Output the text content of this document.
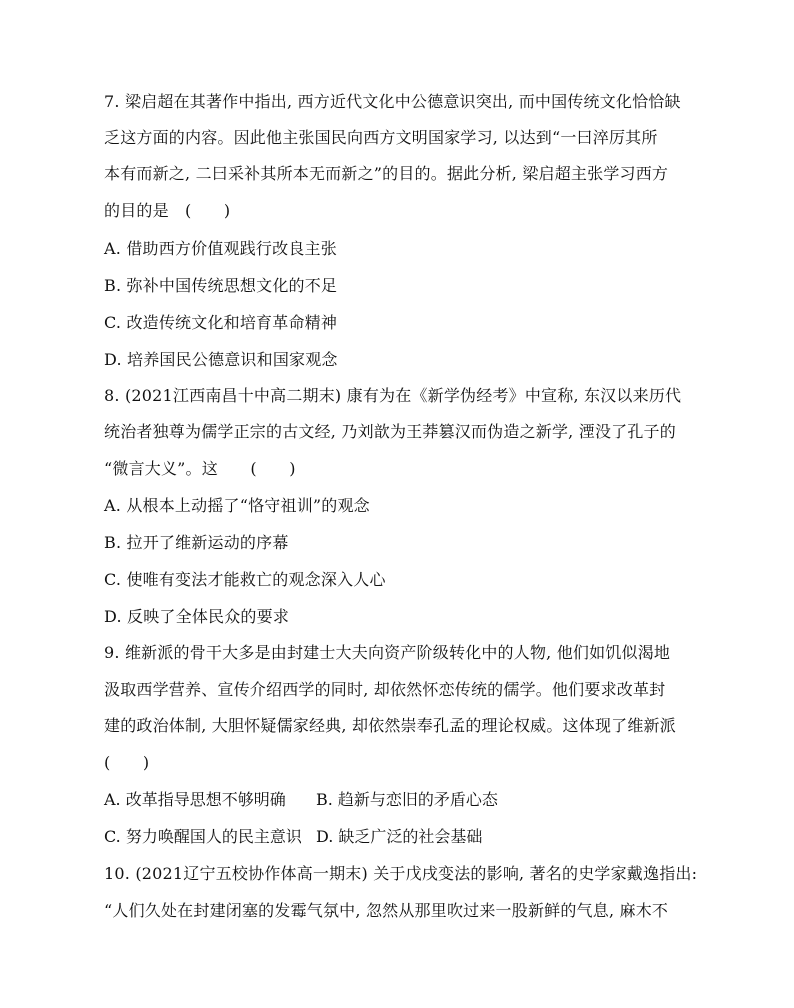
7. 梁启超在其著作中指出, 西方近代文化中公德意识突出, 而中国传统文化恰恰缺
乏这方面的内容。因此他主张国民向西方文明国家学习, 以达到“一曰淬厉其所
本有而新之, 二曰采补其所本无而新之”的目的。据此分析, 梁启超主张学习西方
的目的是　(　　)
A. 借助西方价值观践行改良主张
B. 弥补中国传统思想文化的不足
C. 改造传统文化和培育革命精神
D. 培养国民公德意识和国家观念
8. (2021江西南昌十中高二期末) 康有为在《新学伪经考》中宣称, 东汉以来历代
统治者独尊为儒学正宗的古文经, 乃刘歆为王莽篡汉而伪造之新学, 湮没了孔子的
“微言大义”。这　　(　　)
A. 从根本上动摇了“恪守祖训”的观念
B. 拉开了维新运动的序幕
C. 使唯有变法才能救亡的观念深入人心
D. 反映了全体民众的要求
9. 维新派的骨干大多是由封建士大夫向资产阶级转化中的人物, 他们如饥似渴地
汲取西学营养、宣传介绍西学的同时, 却依然怀恋传统的儒学。他们要求改革封
建的政治体制, 大胆怀疑儒家经典, 却依然崇奉孔孟的理论权威。这体现了维新派
(　　)
A. 改革指导思想不够明确 B. 趋新与恋旧的矛盾心态
C. 努力唤醒国人的民主意识 D. 缺乏广泛的社会基础
10. (2021辽宁五校协作体高一期末) 关于戊戌变法的影响, 著名的史学家戴逸指出:
“人们久处在封建闭塞的发霉气氛中, 忽然从那里吹过来一股新鲜的气息, 麻木不
